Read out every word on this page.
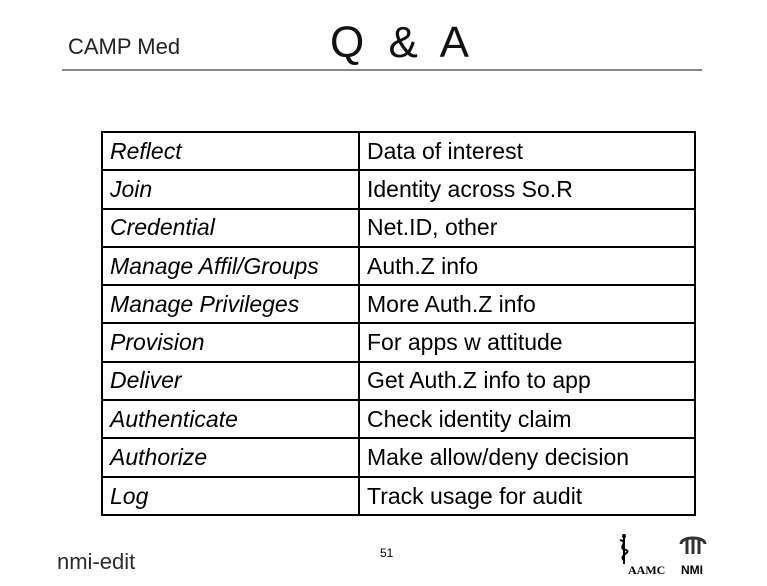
CAMP Med	Q & A
Reflect	Data of interest
Join	Identity across So.R
Credential	Net.ID, other
Manage Affil/Groups	Auth.Z info
Manage Privileges	More Auth.Z info
Provision	For apps w attitude
Deliver	Get Auth.Z info to app
Authenticate	Check identity claim
Authorize	Make allow/deny decision
Log	Track usage for audit
nmi-edit	51
AAMC NMI
